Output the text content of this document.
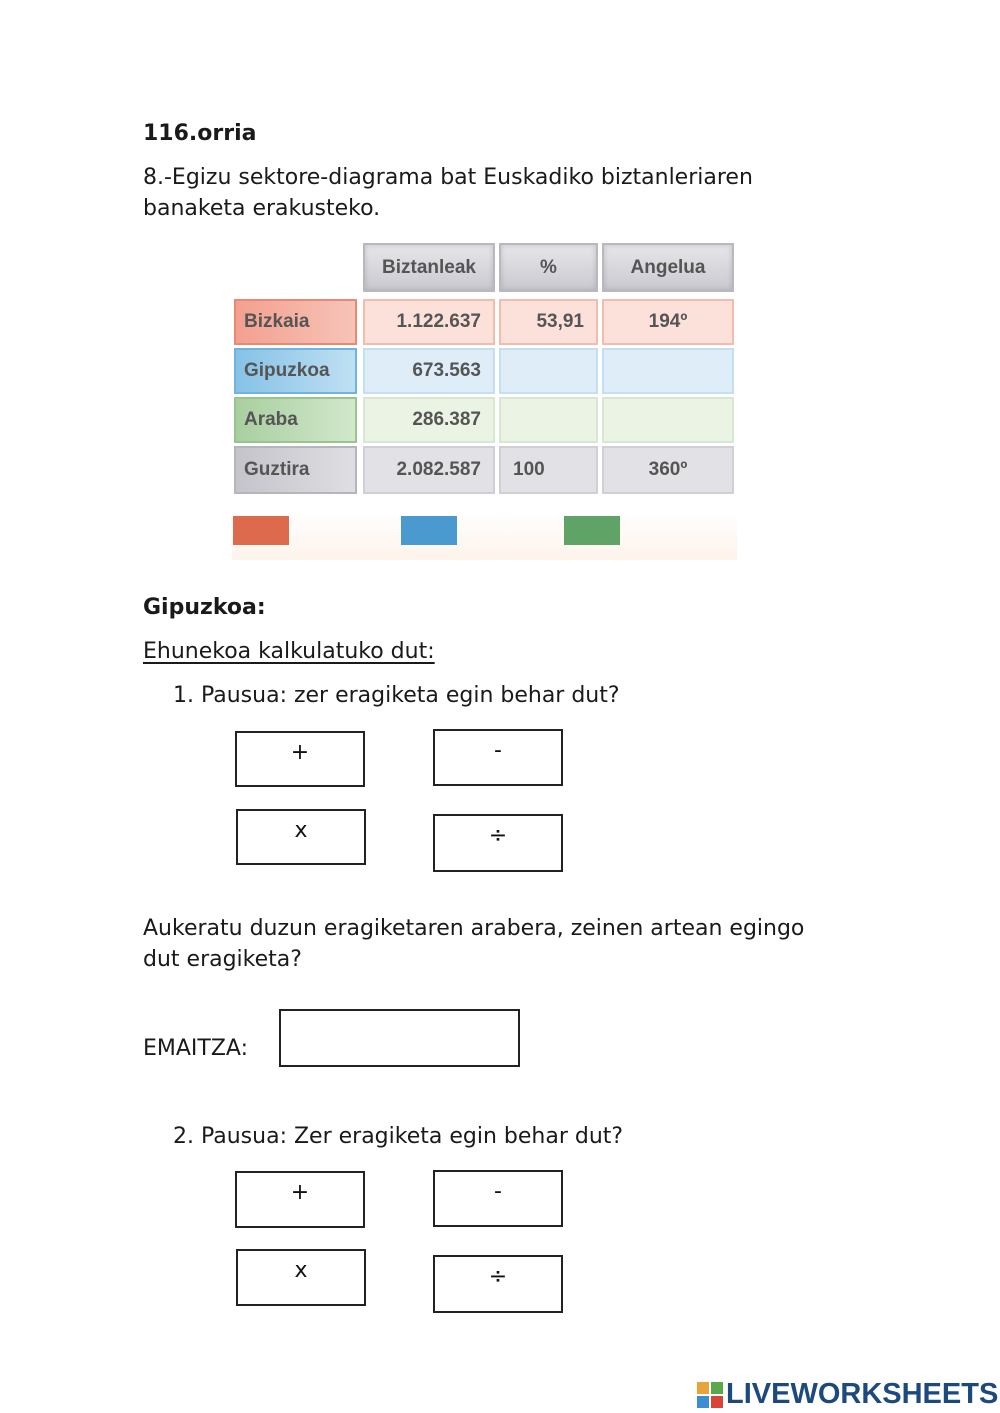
116.orria
8.-Egizu sektore-diagrama bat Euskadiko biztanleriaren
banaketa erakusteko.
Biztanleak	%	Angelua
Bizkaia	1.122.637	53,91	194º
Gipuzkoa	673.563
Araba	286.387
Guztira	2.082.587	100	360º
Gipuzkoa:
Ehunekoa kalkulatuko dut:
1. Pausua: zer eragiketa egin behar dut?
+	-
x	÷
Aukeratu duzun eragiketaren arabera, zeinen artean egingo
dut eragiketa?
EMAITZA:
2. Pausua: Zer eragiketa egin behar dut?
+	-
x	÷
LIVEWORKSHEETS
